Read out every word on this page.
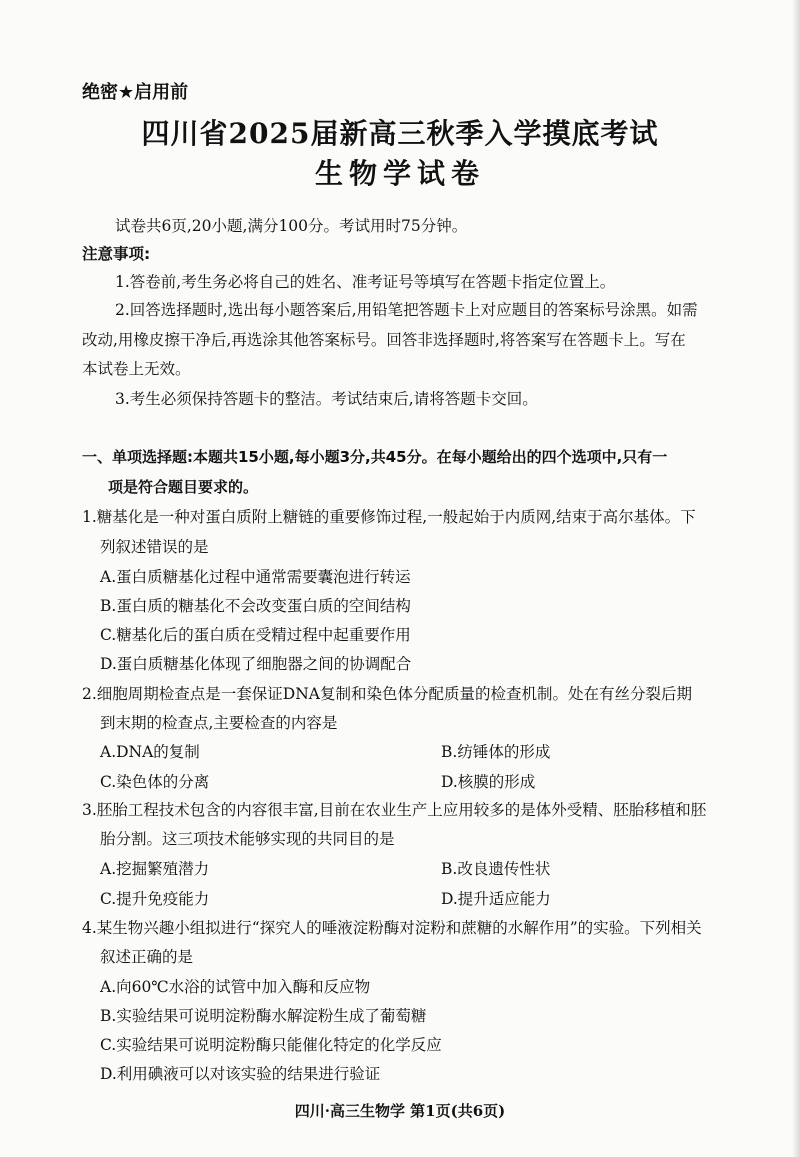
绝密★启用前
四川省2025届新高三秋季入学摸底考试
生物学试卷
试卷共6页,20小题,满分100分。考试用时75分钟。
注意事项:
1.答卷前,考生务必将自己的姓名、准考证号等填写在答题卡指定位置上。
2.回答选择题时,选出每小题答案后,用铅笔把答题卡上对应题目的答案标号涂黑。如需
改动,用橡皮擦干净后,再选涂其他答案标号。回答非选择题时,将答案写在答题卡上。写在
本试卷上无效。
3.考生必须保持答题卡的整洁。考试结束后,请将答题卡交回。
一、单项选择题:本题共15小题,每小题3分,共45分。在每小题给出的四个选项中,只有一
项是符合题目要求的。
1.糖基化是一种对蛋白质附上糖链的重要修饰过程,一般起始于内质网,结束于高尔基体。下
列叙述错误的是
A.蛋白质糖基化过程中通常需要囊泡进行转运
B.蛋白质的糖基化不会改变蛋白质的空间结构
C.糖基化后的蛋白质在受精过程中起重要作用
D.蛋白质糖基化体现了细胞器之间的协调配合
2.细胞周期检查点是一套保证DNA复制和染色体分配质量的检查机制。处在有丝分裂后期
到末期的检查点,主要检查的内容是
A.DNA的复制	B.纺锤体的形成
C.染色体的分离	D.核膜的形成
3.胚胎工程技术包含的内容很丰富,目前在农业生产上应用较多的是体外受精、胚胎移植和胚
胎分割。这三项技术能够实现的共同目的是
A.挖掘繁殖潜力	B.改良遗传性状
C.提升免疫能力	D.提升适应能力
4.某生物兴趣小组拟进行“探究人的唾液淀粉酶对淀粉和蔗糖的水解作用”的实验。下列相关
叙述正确的是
A.向60℃水浴的试管中加入酶和反应物
B.实验结果可说明淀粉酶水解淀粉生成了葡萄糖
C.实验结果可说明淀粉酶只能催化特定的化学反应
D.利用碘液可以对该实验的结果进行验证
四川·高三生物学 第1页(共6页)
